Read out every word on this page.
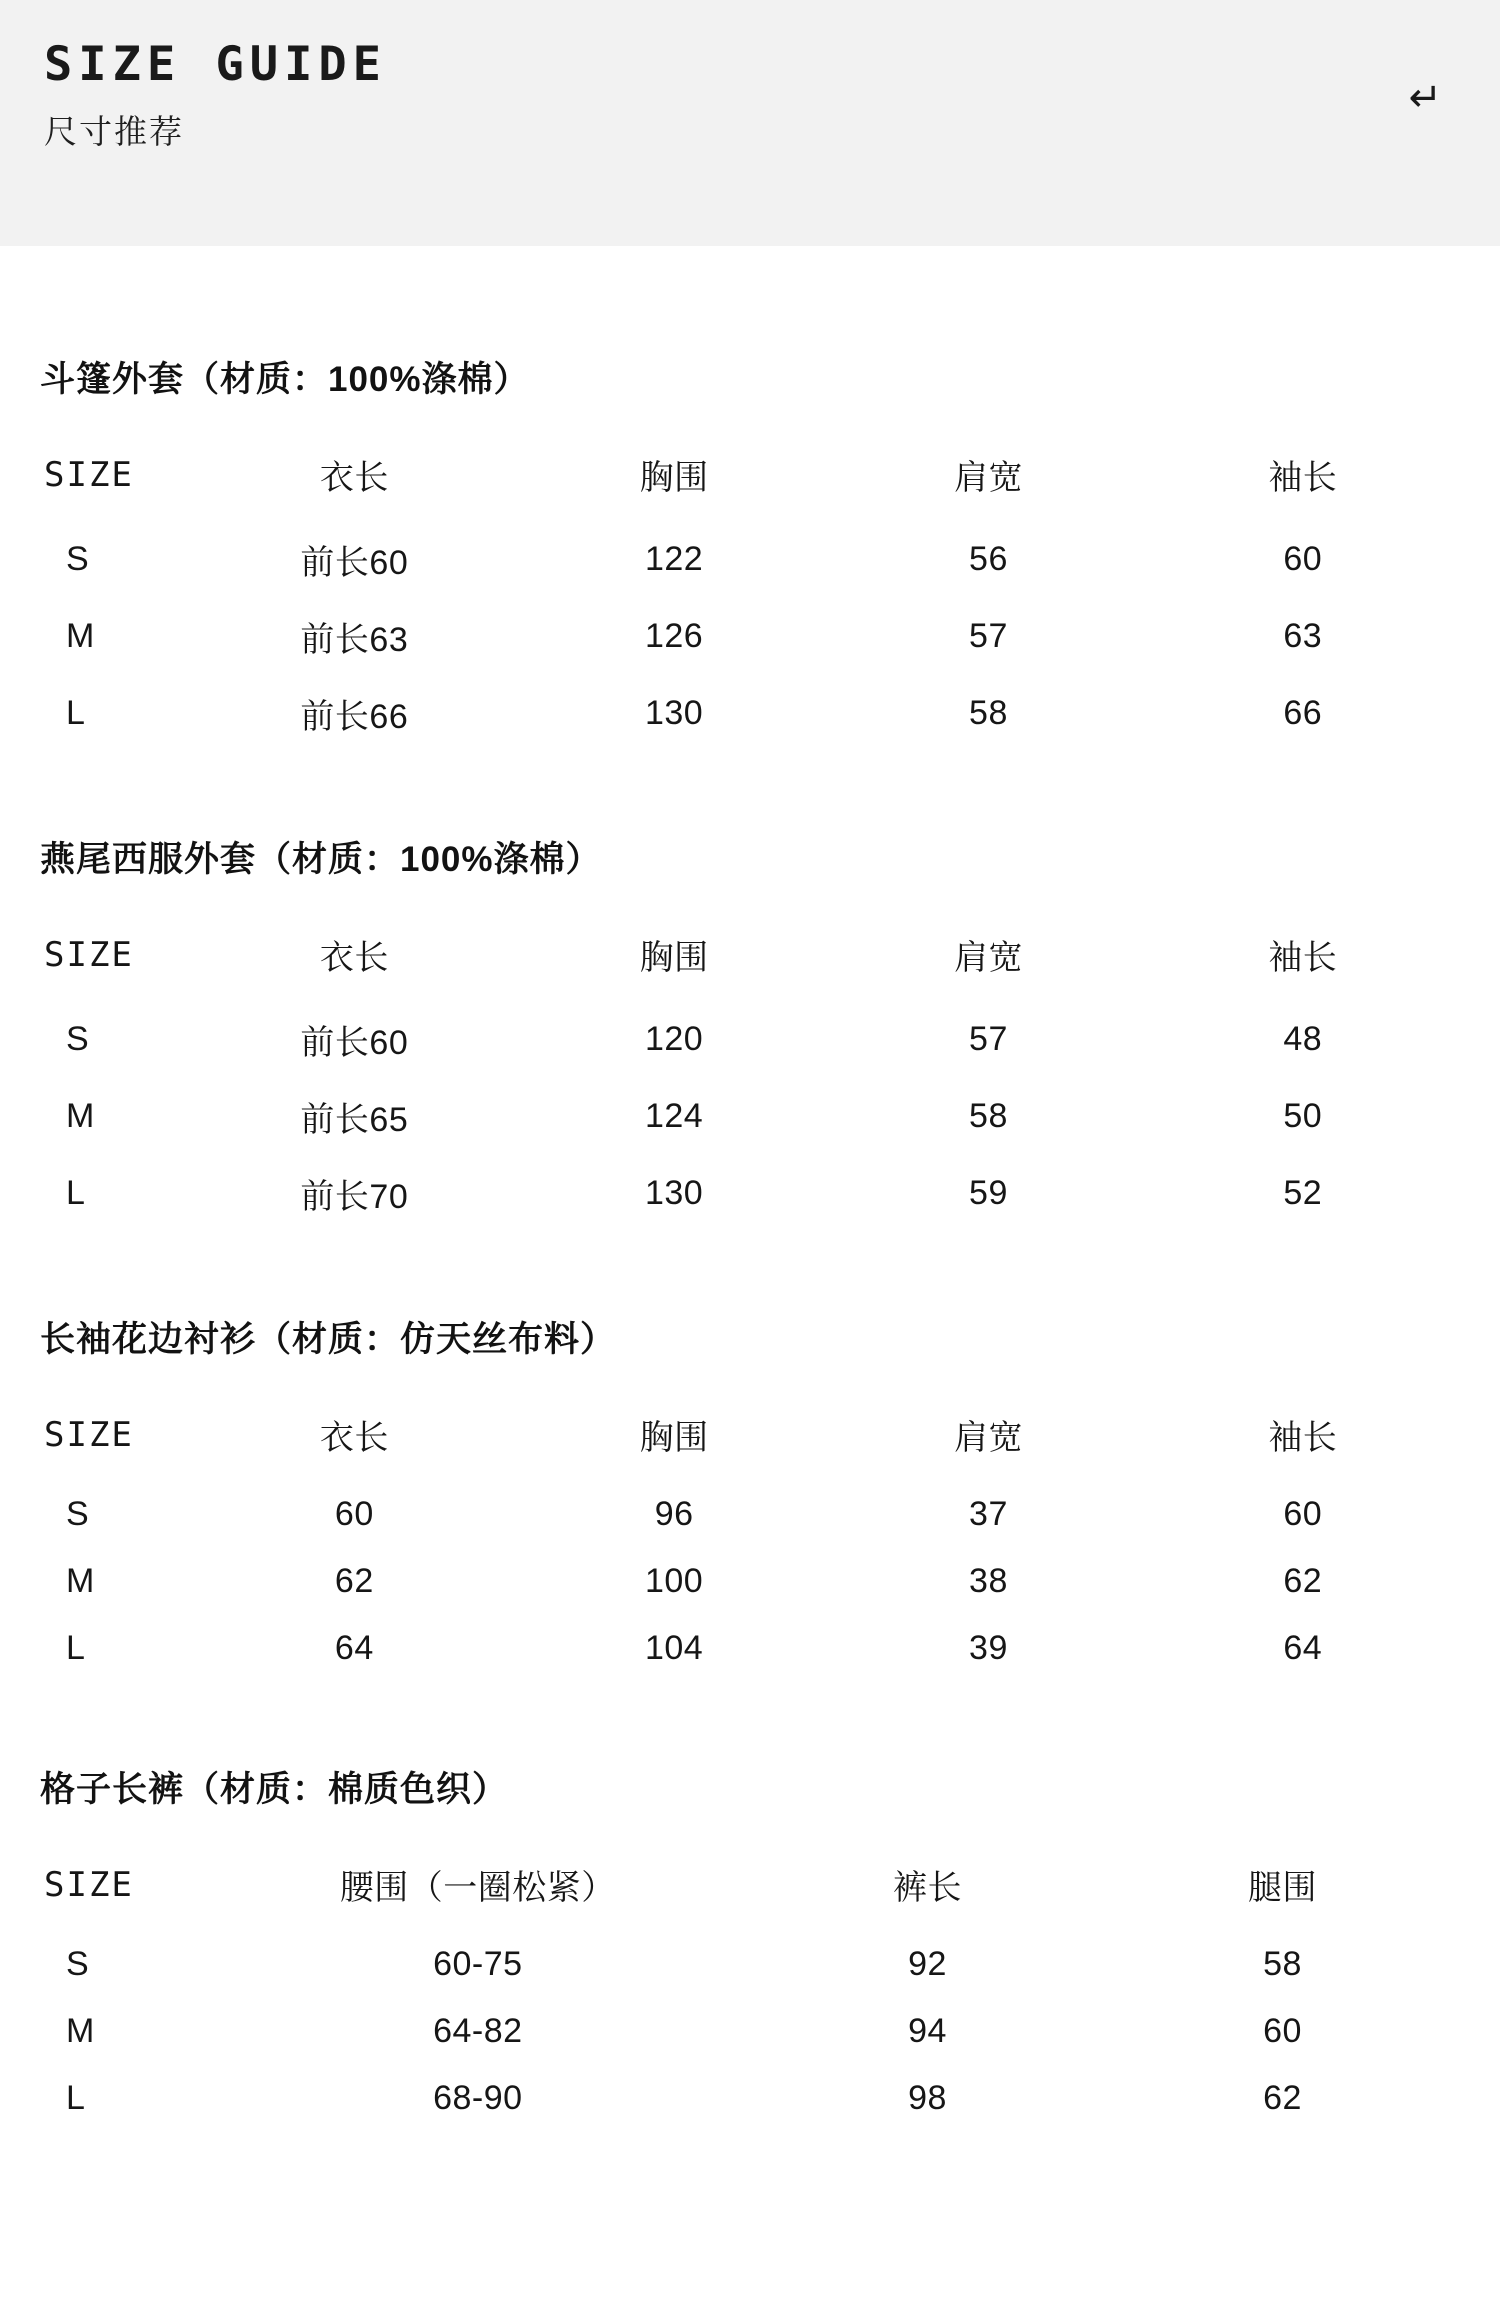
SIZE GUIDE
尺寸推荐
↵
斗篷外套（材质：100%涤棉）
SIZE	衣长	胸围	肩宽	袖长
S	前长60	122	56	60
M	前长63	126	57	63
L	前长66	130	58	66
燕尾西服外套（材质：100%涤棉）
SIZE	衣长	胸围	肩宽	袖长
S	前长60	120	57	48
M	前长65	124	58	50
L	前长70	130	59	52
长袖花边衬衫（材质：仿天丝布料）
SIZE	衣长	胸围	肩宽	袖长
S	60	96	37	60
M	62	100	38	62
L	64	104	39	64
格子长裤（材质：棉质色织）
SIZE	腰围（一圈松紧）	裤长	腿围
S	60-75	92	58
M	64-82	94	60
L	68-90	98	62
